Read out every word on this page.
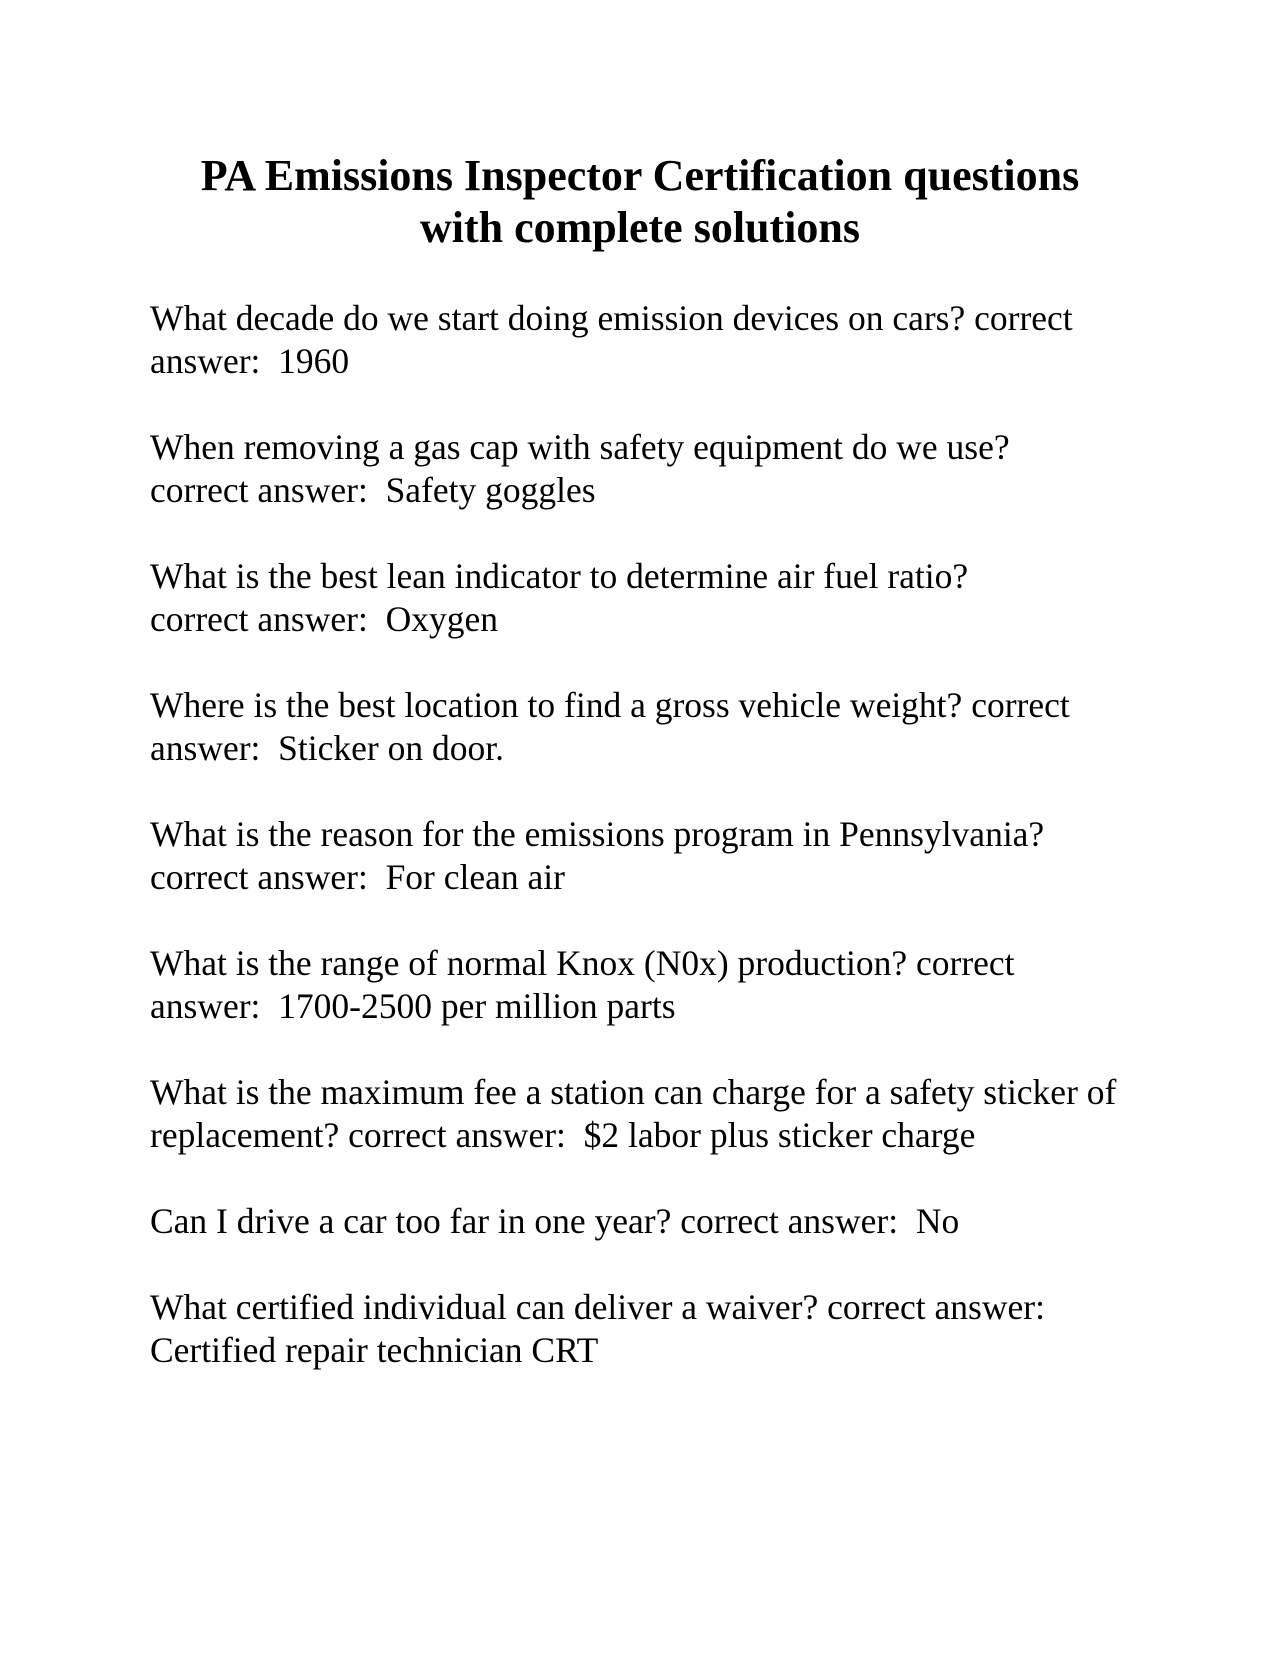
PA Emissions Inspector Certification questions
with complete solutions
What decade do we start doing emission devices on cars? correct answer:  1960
When removing a gas cap with safety equipment do we use?
correct answer:  Safety goggles
What is the best lean indicator to determine air fuel ratio?
correct answer:  Oxygen
Where is the best location to find a gross vehicle weight? correct answer:  Sticker on door.
What is the reason for the emissions program in Pennsylvania?
correct answer:  For clean air
What is the range of normal Knox (N0x) production? correct answer:  1700-2500 per million parts
What is the maximum fee a station can charge for a safety sticker of replacement? correct answer:  $2 labor plus sticker charge
Can I drive a car too far in one year? correct answer:  No
What certified individual can deliver a waiver? correct answer:
Certified repair technician CRT
